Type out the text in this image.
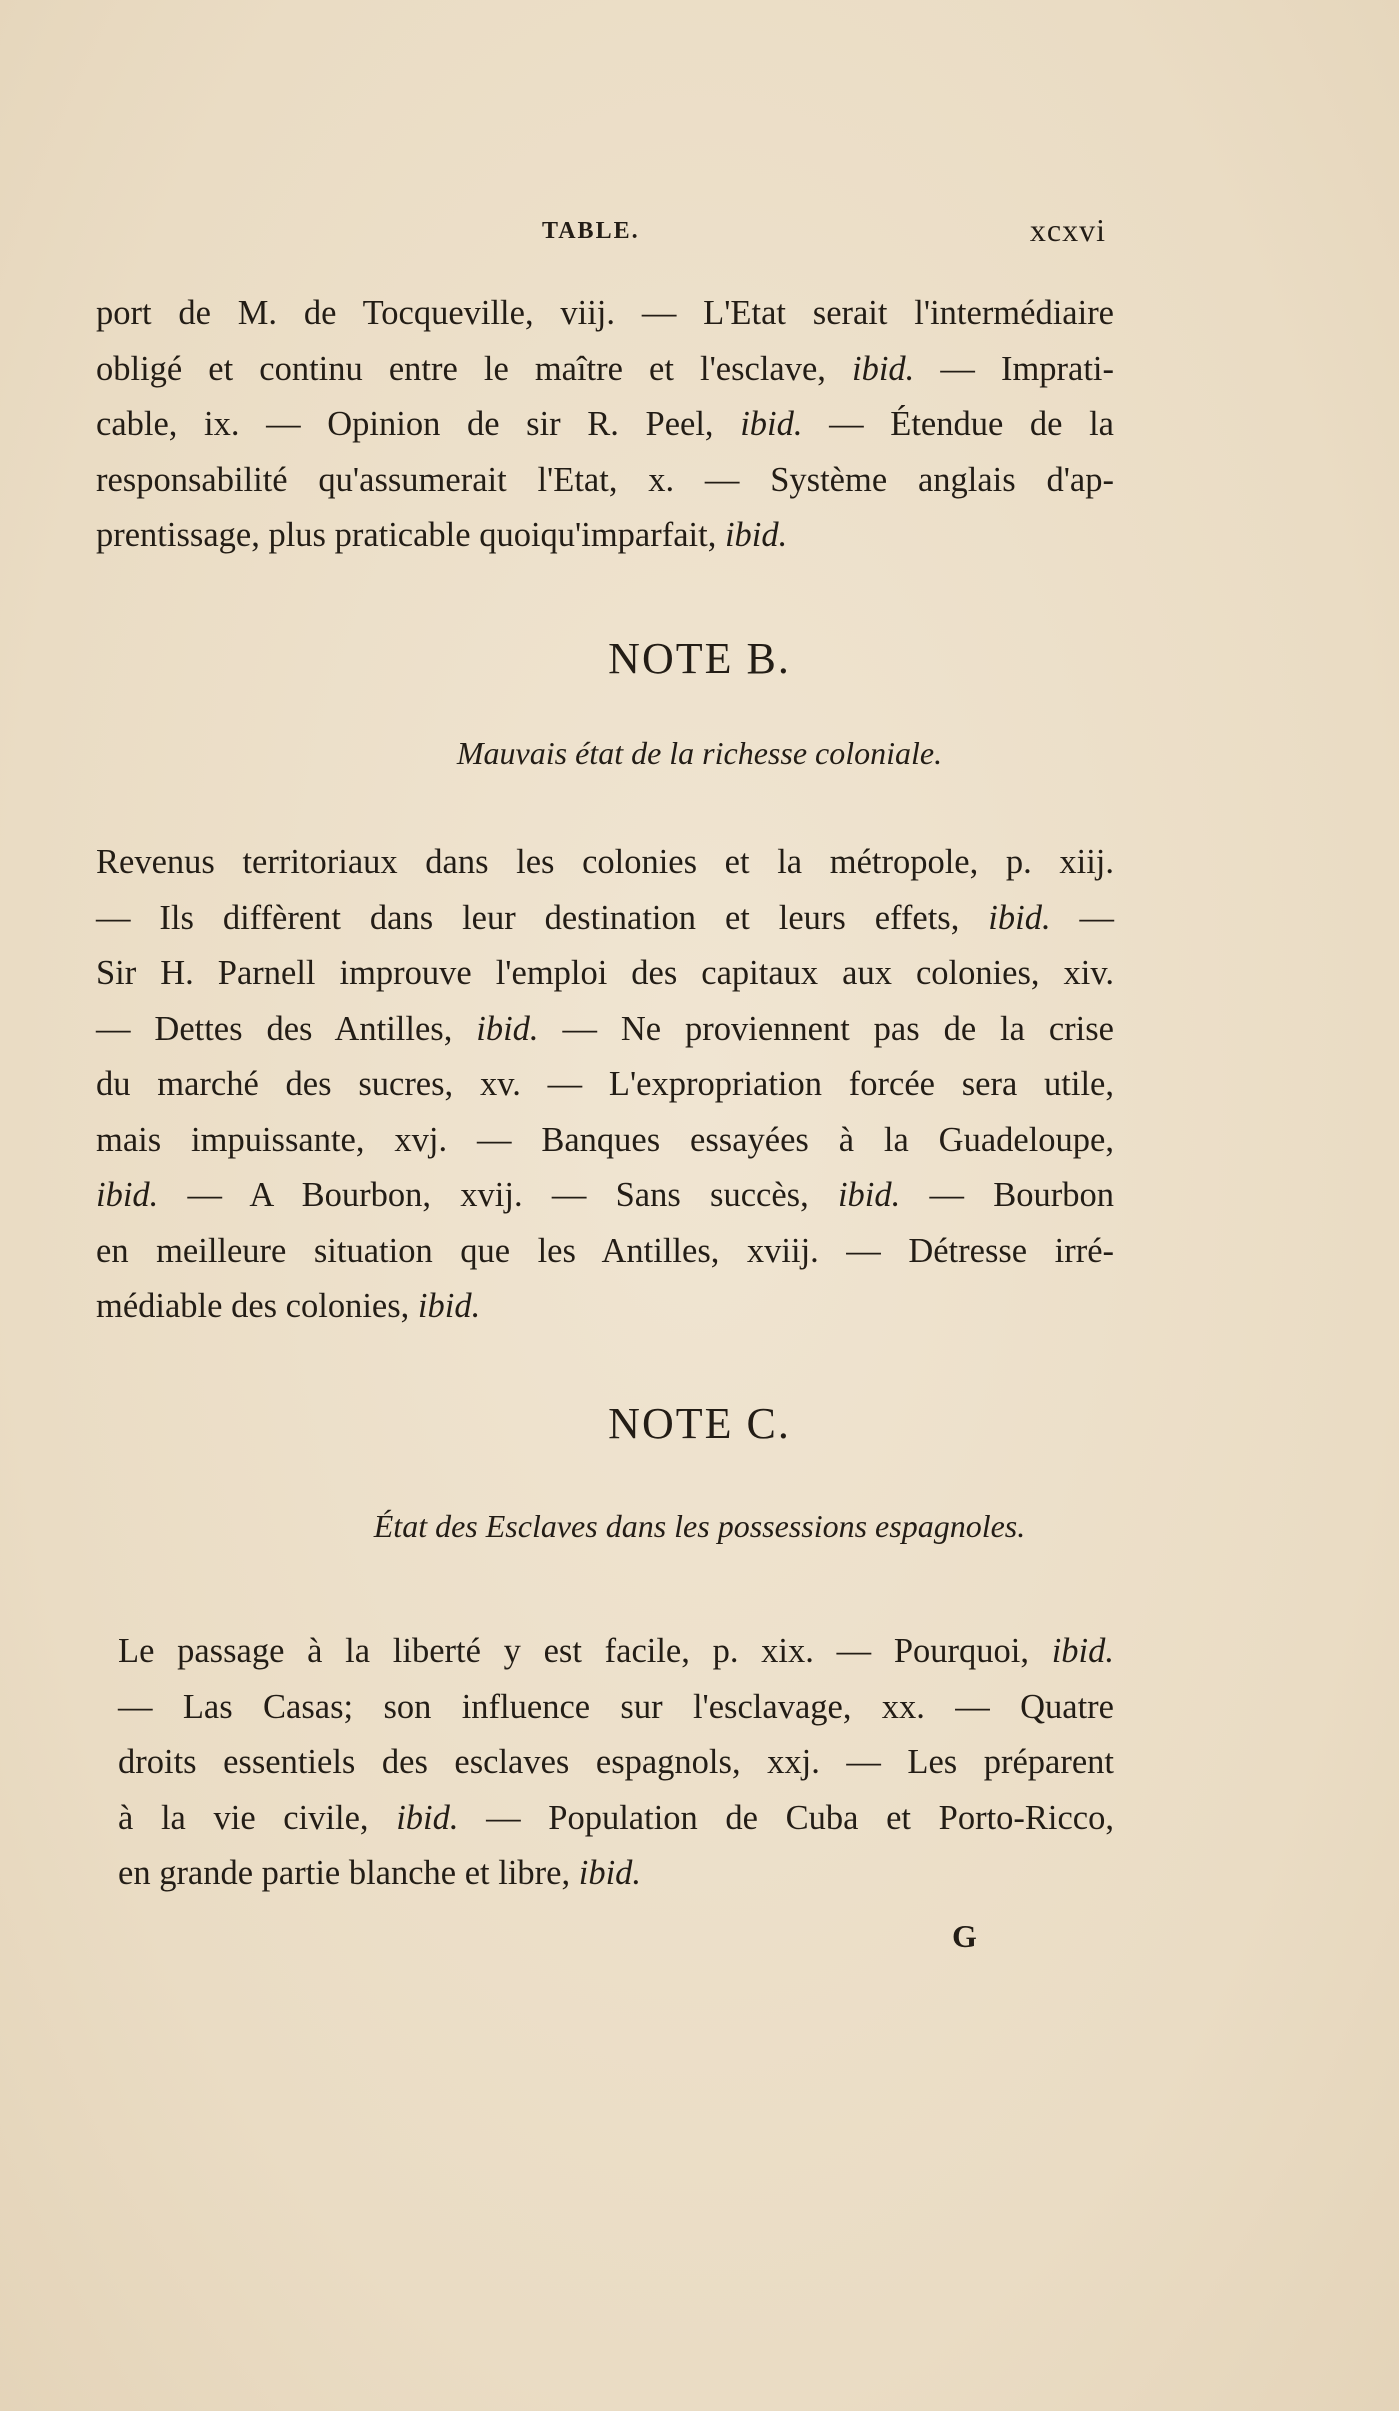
TABLE.	xcxvi
port de M. de Tocqueville, viij. — L'Etat serait l'intermédiaire
obligé et continu entre le maître et l'esclave, ibid. — Imprati-
cable, ix. — Opinion de sir R. Peel, ibid. — Étendue de la
responsabilité qu'assumerait l'Etat, x. — Système anglais d'ap-
prentissage, plus praticable quoiqu'imparfait, ibid.
NOTE B.
Mauvais état de la richesse coloniale.
Revenus territoriaux dans les colonies et la métropole, p. xiij.
— Ils diffèrent dans leur destination et leurs effets, ibid. —
Sir H. Parnell improuve l'emploi des capitaux aux colonies, xiv.
— Dettes des Antilles, ibid. — Ne proviennent pas de la crise
du marché des sucres, xv. — L'expropriation forcée sera utile,
mais impuissante, xvj. — Banques essayées à la Guadeloupe,
ibid. — A Bourbon, xvij. — Sans succès, ibid. — Bourbon
en meilleure situation que les Antilles, xviij. — Détresse irré-
médiable des colonies, ibid.
NOTE C.
État des Esclaves dans les possessions espagnoles.
Le passage à la liberté y est facile, p. xix. — Pourquoi, ibid.
— Las Casas; son influence sur l'esclavage, xx. — Quatre
droits essentiels des esclaves espagnols, xxj. — Les préparent
à la vie civile, ibid. — Population de Cuba et Porto-Ricco,
en grande partie blanche et libre, ibid.
G
